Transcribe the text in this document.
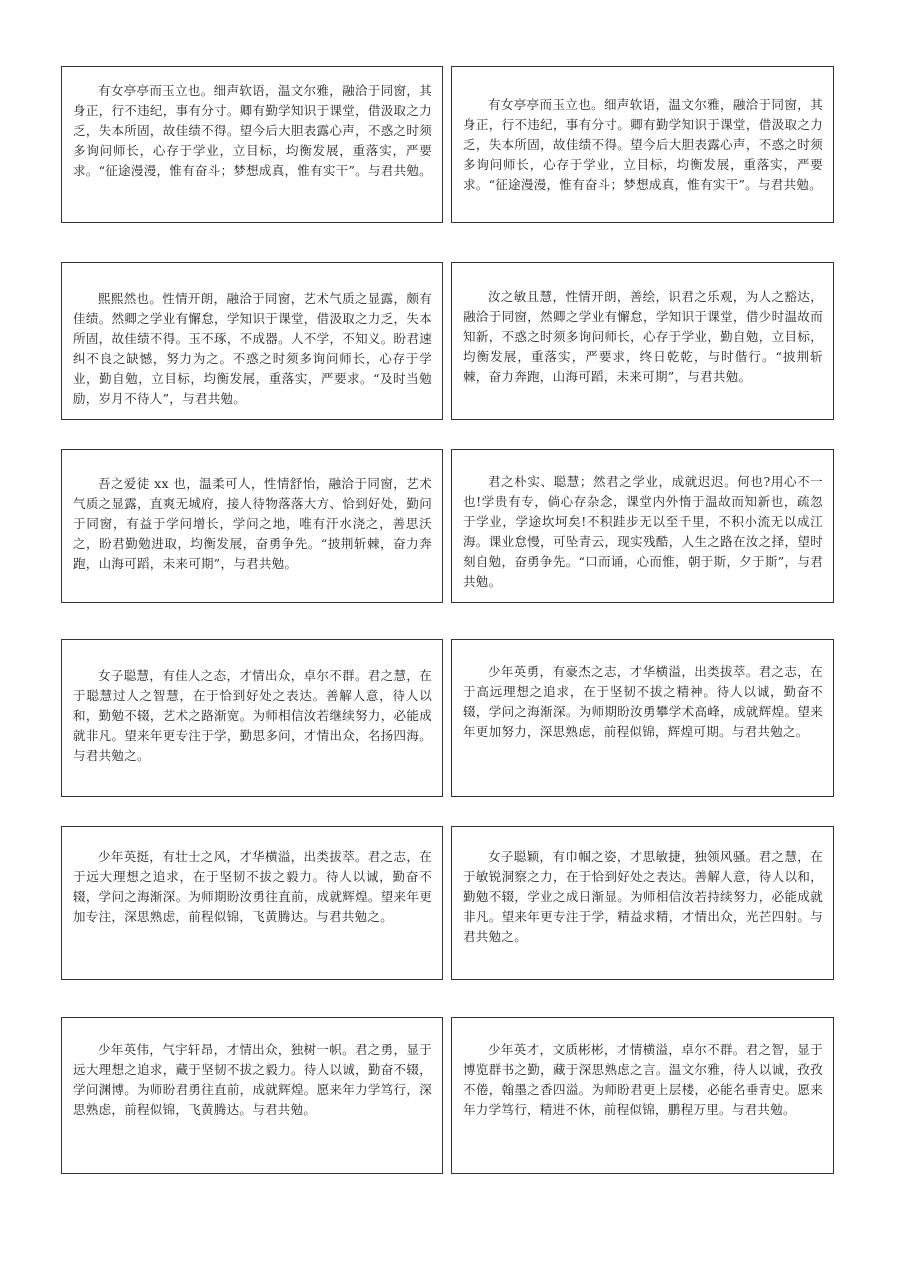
有女亭亭而玉立也。细声软语，温文尔雅，融洽于同窗，其身正，行不违纪，事有分寸。卿有勤学知识于课堂，借汲取之力乏，失本所固，故佳绩不得。望今后大胆表露心声，不惑之时须多询问师长，心存于学业，立目标，均衡发展，重落实，严要求。“征途漫漫，惟有奋斗；梦想成真，惟有实干”。与君共勉。
有女亭亭而玉立也。细声软语，温文尔雅，融洽于同窗，其身正，行不违纪，事有分寸。卿有勤学知识于课堂，借汲取之力乏，失本所固，故佳绩不得。望今后大胆表露心声，不惑之时须多询问师长，心存于学业，立目标，均衡发展，重落实，严要求。“征途漫漫，惟有奋斗；梦想成真，惟有实干”。与君共勉。
熙熙然也。性情开朗，融洽于同窗，艺术气质之显露，颇有佳绩。然卿之学业有懈怠，学知识于课堂，借汲取之力乏，失本所固，故佳绩不得。玉不琢，不成器。人不学，不知义。盼君速纠不良之缺憾，努力为之。不惑之时须多询问师长，心存于学业，勤自勉，立目标，均衡发展，重落实，严要求。“及时当勉励，岁月不待人”，与君共勉。
汝之敏且慧，性情开朗，善绘，识君之乐观，为人之豁达，融洽于同窗，然卿之学业有懈怠，学知识于课堂，借少时温故而知新，不惑之时须多询问师长，心存于学业，勤自勉，立目标，均衡发展，重落实，严要求，终日乾乾，与时偕行。“披荆斩棘，奋力奔跑，山海可蹈，未来可期”，与君共勉。
吾之爱徒 xx 也，温柔可人，性情舒怡，融洽于同窗，艺术气质之显露，直爽无城府，接人待物落落大方、恰到好处，勤问于同窗，有益于学问增长，学问之地，唯有汗水浇之，善思沃之，盼君勤勉进取，均衡发展，奋勇争先。“披荆斩棘，奋力奔跑，山海可蹈，未来可期”，与君共勉。
君之朴实、聪慧；然君之学业，成就迟迟。何也?用心不一也!学贵有专，倘心存杂念，课堂内外惰于温故而知新也，疏忽于学业，学途坎坷矣!不积跬步无以至千里，不积小流无以成江海。课业怠慢，可坠青云，现实残酷，人生之路在汝之择，望时刻自勉，奋勇争先。“口而诵，心而惟，朝于斯，夕于斯”，与君共勉。
女子聪慧，有佳人之态，才情出众，卓尔不群。君之慧，在于聪慧过人之智慧，在于恰到好处之表达。善解人意，待人以和，勤勉不辍，艺术之路渐宽。为师相信汝若继续努力，必能成就非凡。望来年更专注于学，勤思多问，才情出众，名扬四海。与君共勉之。
少年英勇，有豪杰之志，才华横溢，出类拔萃。君之志，在于高远理想之追求，在于坚韧不拔之精神。待人以诚，勤奋不辍，学问之海渐深。为师期盼汝勇攀学术高峰，成就辉煌。望来年更加努力，深思熟虑，前程似锦，辉煌可期。与君共勉之。
少年英挺，有壮士之风，才华横溢，出类拔萃。君之志，在于远大理想之追求，在于坚韧不拔之毅力。待人以诚，勤奋不辍，学问之海渐深。为师期盼汝勇往直前，成就辉煌。望来年更加专注，深思熟虑，前程似锦，飞黄腾达。与君共勉之。
女子聪颖，有巾帼之姿，才思敏捷，独领风骚。君之慧，在于敏锐洞察之力，在于恰到好处之表达。善解人意，待人以和，勤勉不辍，学业之成日渐显。为师相信汝若持续努力，必能成就非凡。望来年更专注于学，精益求精，才情出众，光芒四射。与君共勉之。
少年英伟，气宇轩昂，才情出众，独树一帜。君之勇，显于远大理想之追求，藏于坚韧不拔之毅力。待人以诚，勤奋不辍，学问渊博。为师盼君勇往直前，成就辉煌。愿来年力学笃行，深思熟虑，前程似锦，飞黄腾达。与君共勉。
少年英才，文质彬彬，才情横溢，卓尔不群。君之智，显于博览群书之勤，藏于深思熟虑之言。温文尔雅，待人以诚，孜孜不倦，翰墨之香四溢。为师盼君更上层楼，必能名垂青史。愿来年力学笃行，精进不休，前程似锦，鹏程万里。与君共勉。
